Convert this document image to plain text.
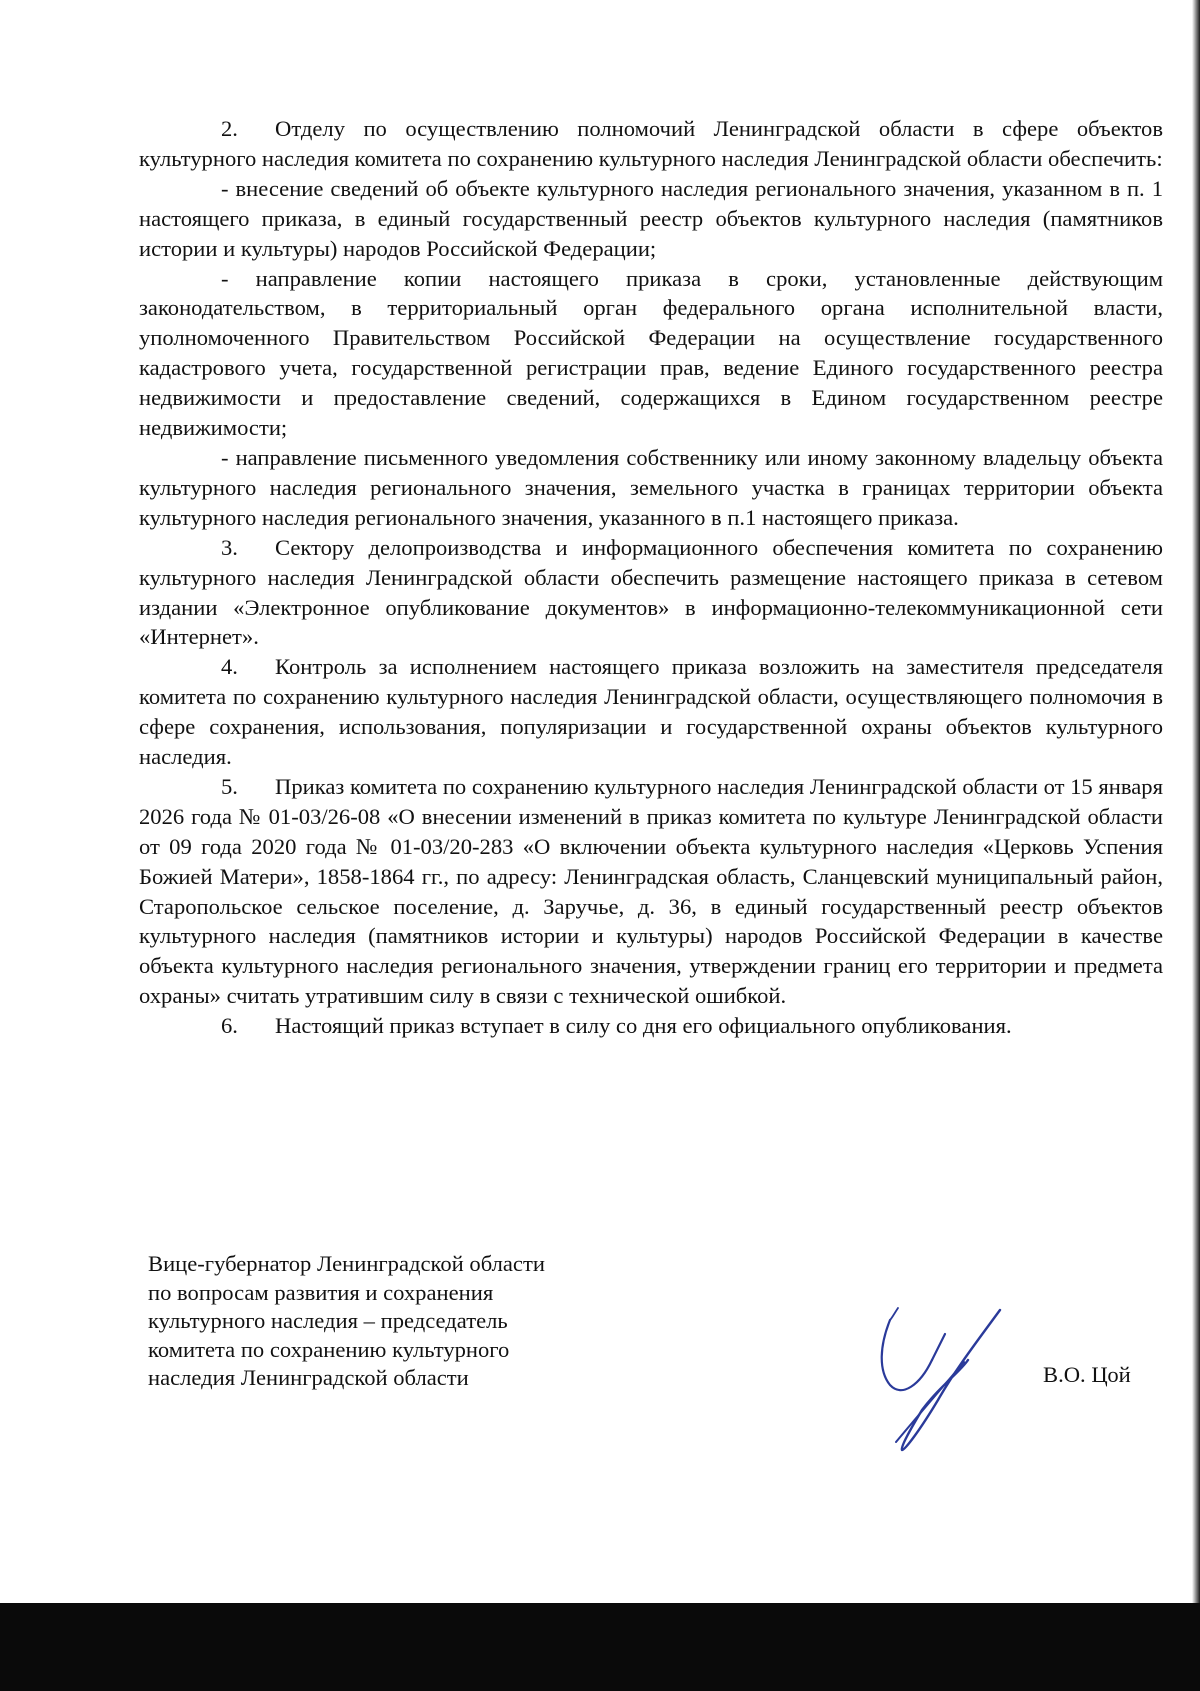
2. Отделу по осуществлению полномочий Ленинградской области в сфере объектов культурного наследия комитета по сохранению культурного наследия Ленинградской области обеспечить:

- внесение сведений об объекте культурного наследия регионального значения, указанном в п. 1 настоящего приказа, в единый государственный реестр объектов культурного наследия (памятников истории и культуры) народов Российской Федерации;

- направление копии настоящего приказа в сроки, установленные действующим законодательством, в территориальный орган федерального органа исполнительной власти, уполномоченного Правительством Российской Федерации на осуществление государственного кадастрового учета, государственной регистрации прав, ведение Единого государственного реестра недвижимости и предоставление сведений, содержащихся в Едином государственном реестре недвижимости;

- направление письменного уведомления собственнику или иному законному владельцу объекта культурного наследия регионального значения, земельного участка в границах территории объекта культурного наследия регионального значения, указанного в п.1 настоящего приказа.

3. Сектору делопроизводства и информационного обеспечения комитета по сохранению культурного наследия Ленинградской области обеспечить размещение настоящего приказа в сетевом издании «Электронное опубликование документов» в информационно-телекоммуникационной сети «Интернет».

4. Контроль за исполнением настоящего приказа возложить на заместителя председателя комитета по сохранению культурного наследия Ленинградской области, осуществляющего полномочия в сфере сохранения, использования, популяризации и государственной охраны объектов культурного наследия.

5. Приказ комитета по сохранению культурного наследия Ленинградской области от 15 января 2026 года № 01-03/26-08 «О внесении изменений в приказ комитета по культуре Ленинградской области от 09 года 2020 года № 01-03/20-283 «О включении объекта культурного наследия «Церковь Успения Божией Матери», 1858-1864 гг., по адресу: Ленинградская область, Сланцевский муниципальный район, Старопольское сельское поселение, д. Заручье, д. 36, в единый государственный реестр объектов культурного наследия (памятников истории и культуры) народов Российской Федерации в качестве объекта культурного наследия регионального значения, утверждении границ его территории и предмета охраны» считать утратившим силу в связи с технической ошибкой.

6. Настоящий приказ вступает в силу со дня его официального опубликования.

Вице-губернатор Ленинградской области
по вопросам развития и сохранения
культурного наследия – председатель
комитета по сохранению культурного
наследия Ленинградской области	В.О. Цой
